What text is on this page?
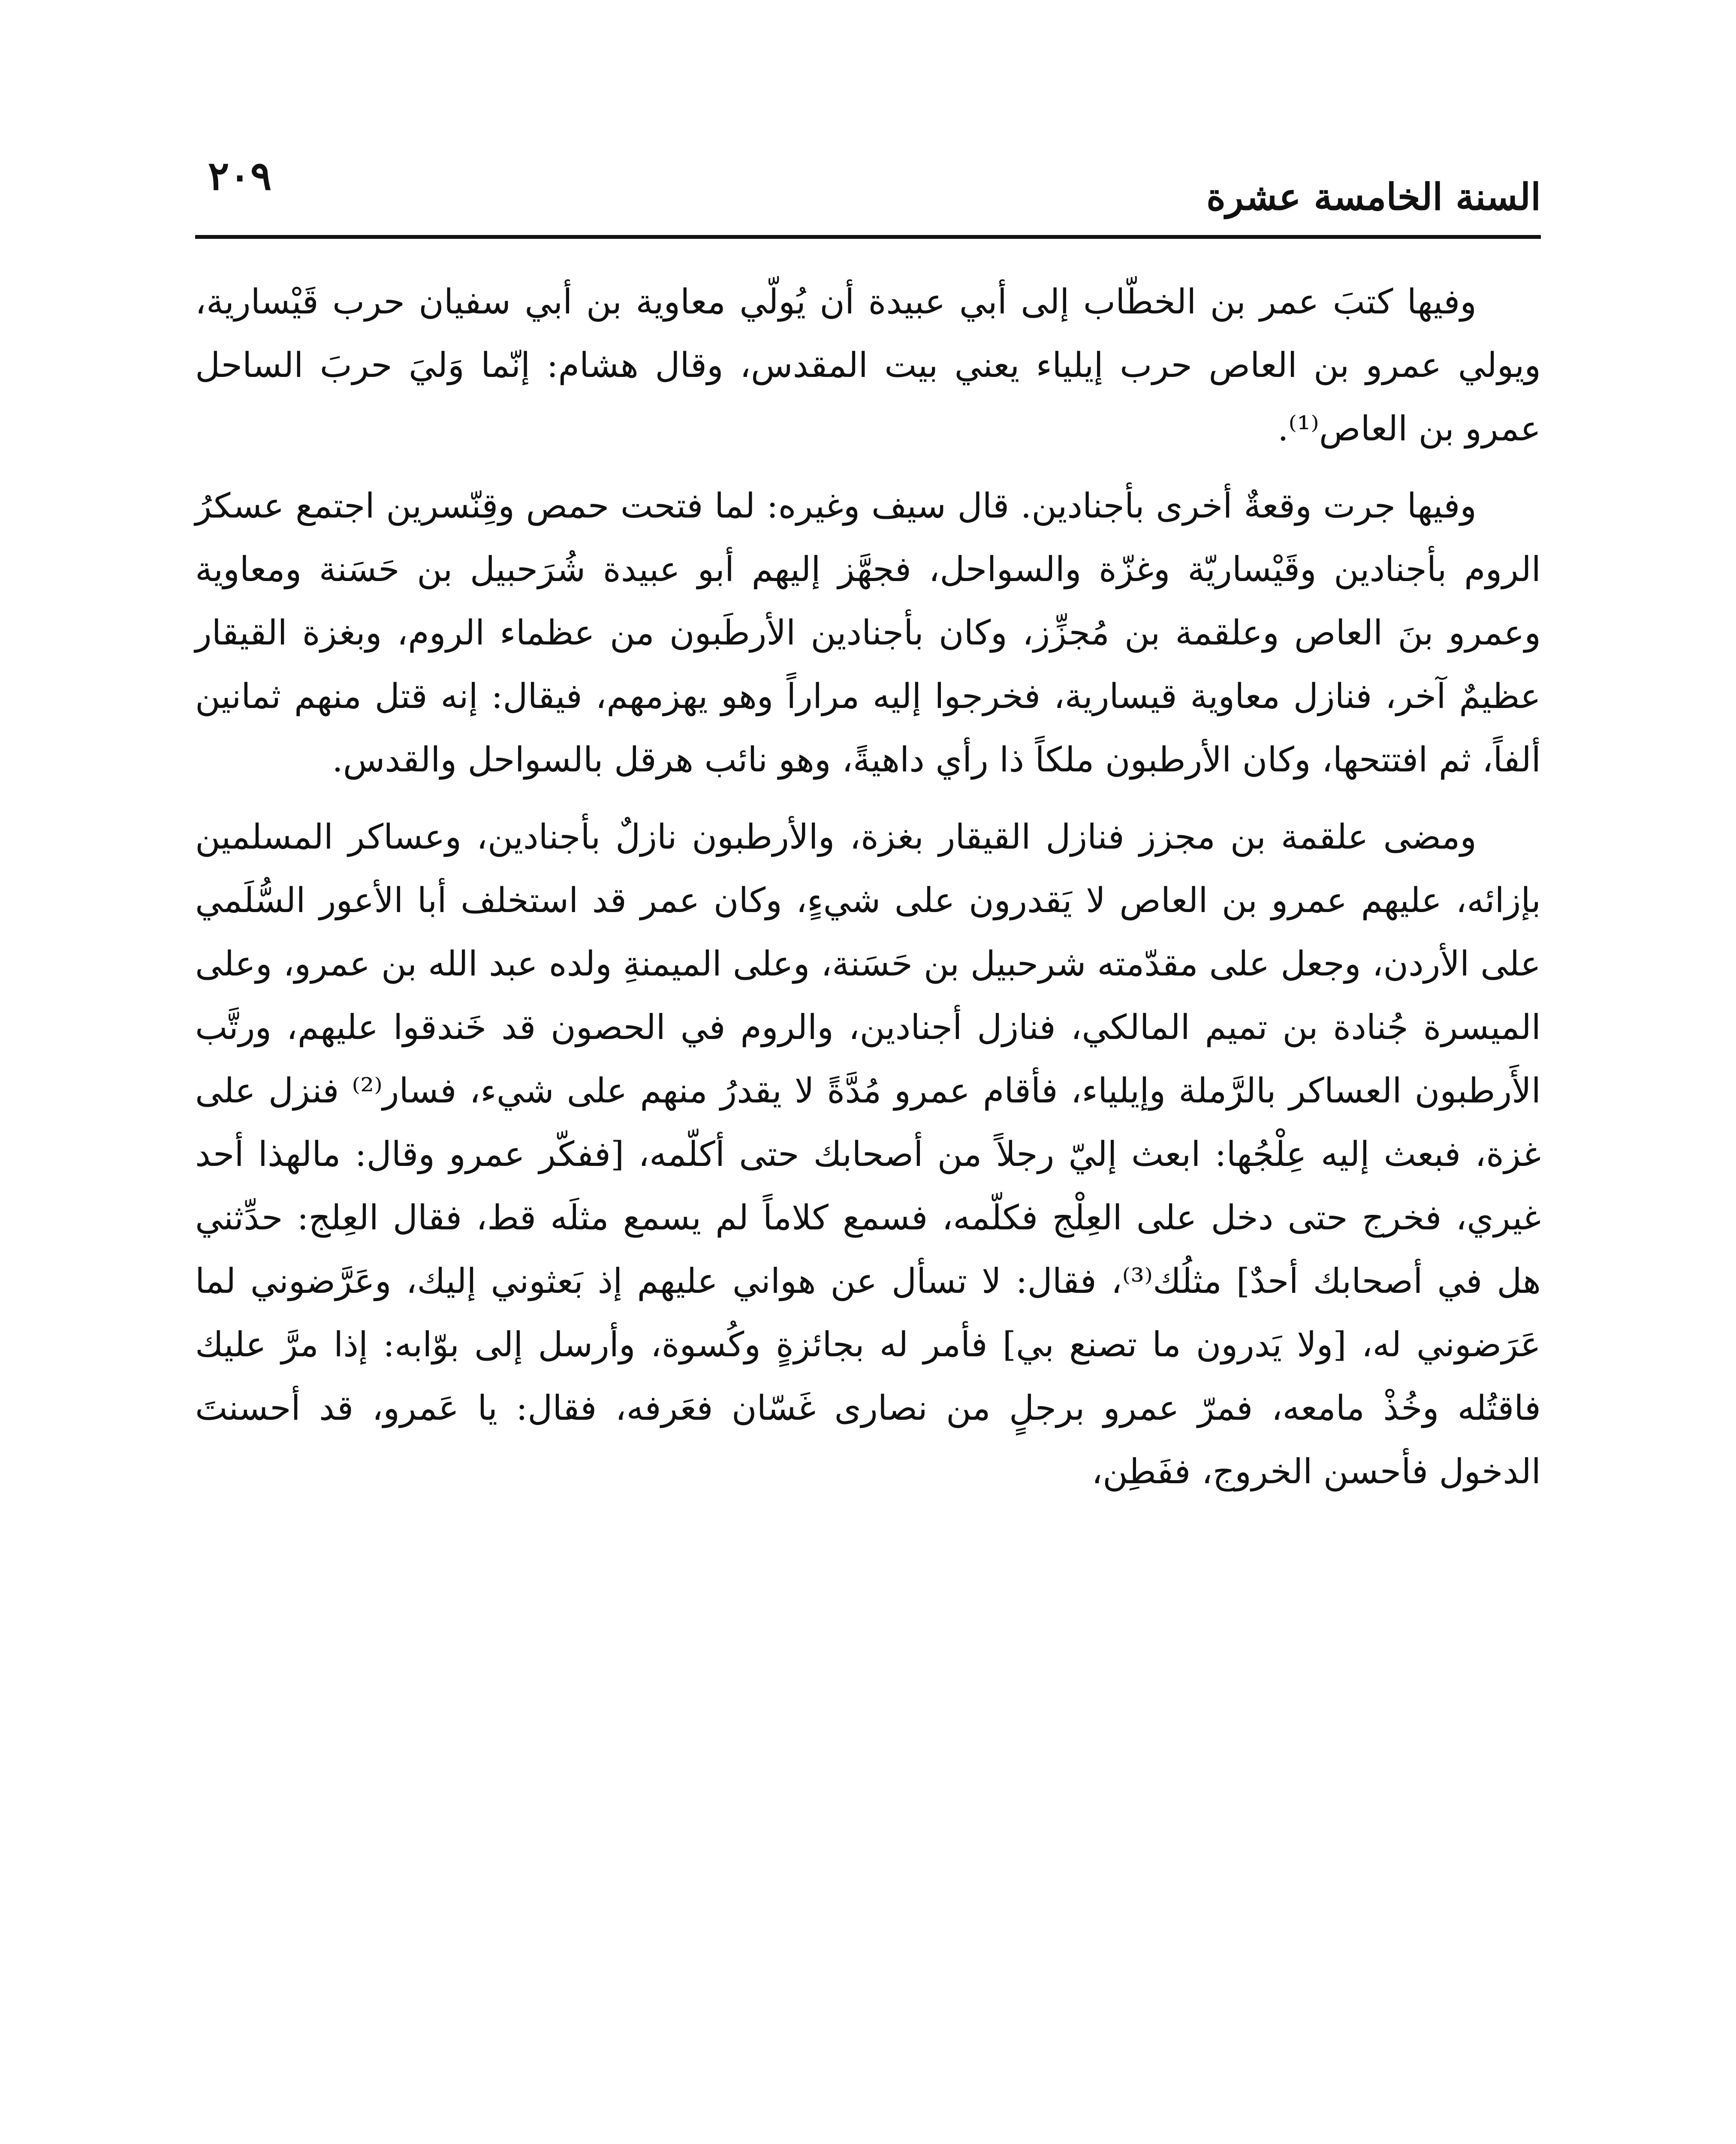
السنة الخامسة عشرة
٢٠٩

وفيها كتبَ عمر بن الخطّاب إلى أبي عبيدة أن يُولّي معاوية بن أبي سفيان حرب قَيْسارية، ويولي عمرو بن العاص حرب إيلياء يعني بيت المقدس، وقال هشام: إنّما وَليَ حربَ الساحل عمرو بن العاص⁽¹⁾.

وفيها جرت وقعةٌ أخرى بأجنادين. قال سيف وغيره: لما فتحت حمص وقِنّسرين اجتمع عسكرُ الروم بأجنادين وقَيْساريّة وغزّة والسواحل، فجهَّز إليهم أبو عبيدة شُرَحبيل بن حَسَنة ومعاوية وعمرو بنَ العاص وعلقمة بن مُجزِّز، وكان بأجنادين الأرطَبون من عظماء الروم، وبغزة القيقار عظيمٌ آخر، فنازل معاوية قيسارية، فخرجوا إليه مراراً وهو يهزمهم، فيقال: إنه قتل منهم ثمانين ألفاً، ثم افتتحها، وكان الأرطبون ملكاً ذا رأي داهيةً، وهو نائب هرقل بالسواحل والقدس.

ومضى علقمة بن مجزز فنازل القيقار بغزة، والأرطبون نازلٌ بأجنادين، وعساكر المسلمين بإزائه، عليهم عمرو بن العاص لا يَقدرون على شيءٍ، وكان عمر قد استخلف أبا الأعور السُّلَمي على الأردن، وجعل على مقدّمته شرحبيل بن حَسَنة، وعلى الميمنةِ ولده عبد الله بن عمرو، وعلى الميسرة جُنادة بن تميم المالكي، فنازل أجنادين، والروم في الحصون قد خَندقوا عليهم، ورتَّب الأَرطبون العساكر بالرَّملة وإيلياء، فأقام عمرو مُدَّةً لا يقدرُ منهم على شيء، فسار⁽²⁾ فنزل على غزة، فبعث إليه عِلْجُها: ابعث إليّ رجلاً من أصحابك حتى أكلّمه، [ففكّر عمرو وقال: مالهذا أحد غيري، فخرج حتى دخل على العِلْج فكلّمه، فسمع كلاماً لم يسمع مثلَه قط، فقال العِلج: حدِّثني هل في أصحابك أحدٌ] مثلُك⁽³⁾، فقال: لا تسأل عن هواني عليهم إذ بَعثوني إليك، وعَرَّضوني لما عَرَضوني له، [ولا يَدرون ما تصنع بي] فأمر له بجائزةٍ وكُسوة، وأرسل إلى بوّابه: إذا مرَّ عليك فاقتُله وخُذْ مامعه، فمرّ عمرو برجلٍ من نصارى غَسّان فعَرفه، فقال: يا عَمرو، قد أحسنتَ الدخول فأحسن الخروج، ففَطِن،
